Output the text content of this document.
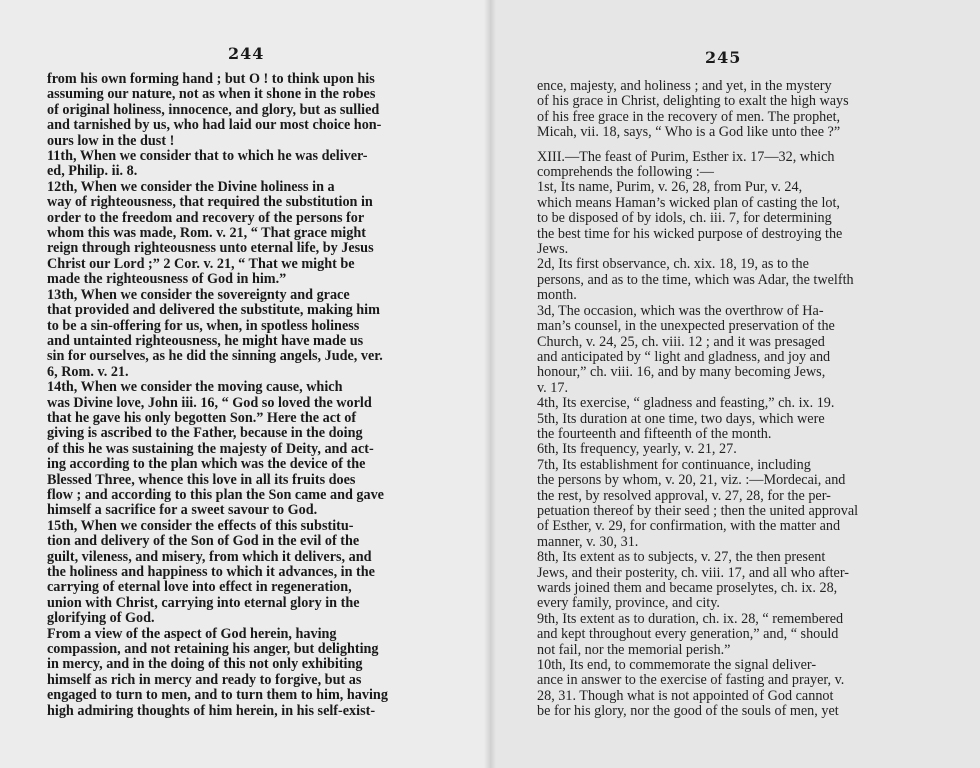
244
from his own forming hand ; but O ! to think upon his
assuming our nature, not as when it shone in the robes
of original holiness, innocence, and glory, but as sullied
and tarnished by us, who had laid our most choice hon-
ours low in the dust !
11th, When we consider that to which he was deliver-
ed, Philip. ii. 8.
12th, When we consider the Divine holiness in a
way of righteousness, that required the substitution in
order to the freedom and recovery of the persons for
whom this was made, Rom. v. 21, “ That grace might
reign through righteousness unto eternal life, by Jesus
Christ our Lord ;” 2 Cor. v. 21, “ That we might be
made the righteousness of God in him.”
13th, When we consider the sovereignty and grace
that provided and delivered the substitute, making him
to be a sin-offering for us, when, in spotless holiness
and untainted righteousness, he might have made us
sin for ourselves, as he did the sinning angels, Jude, ver.
6, Rom. v. 21.
14th, When we consider the moving cause, which
was Divine love, John iii. 16, “ God so loved the world
that he gave his only begotten Son.” Here the act of
giving is ascribed to the Father, because in the doing
of this he was sustaining the majesty of Deity, and act-
ing according to the plan which was the device of the
Blessed Three, whence this love in all its fruits does
flow ; and according to this plan the Son came and gave
himself a sacrifice for a sweet savour to God.
15th, When we consider the effects of this substitu-
tion and delivery of the Son of God in the evil of the
guilt, vileness, and misery, from which it delivers, and
the holiness and happiness to which it advances, in the
carrying of eternal love into effect in regeneration,
union with Christ, carrying into eternal glory in the
glorifying of God.
From a view of the aspect of God herein, having
compassion, and not retaining his anger, but delighting
in mercy, and in the doing of this not only exhibiting
himself as rich in mercy and ready to forgive, but as
engaged to turn to men, and to turn them to him, having
high admiring thoughts of him herein, in his self-exist-
245
ence, majesty, and holiness ; and yet, in the mystery
of his grace in Christ, delighting to exalt the high ways
of his free grace in the recovery of men. The prophet,
Micah, vii. 18, says, “ Who is a God like unto thee ?”
XIII.—The feast of Purim, Esther ix. 17—32, which
comprehends the following :—
1st, Its name, Purim, v. 26, 28, from Pur, v. 24,
which means Haman’s wicked plan of casting the lot,
to be disposed of by idols, ch. iii. 7, for determining
the best time for his wicked purpose of destroying the
Jews.
2d, Its first observance, ch. xix. 18, 19, as to the
persons, and as to the time, which was Adar, the twelfth
month.
3d, The occasion, which was the overthrow of Ha-
man’s counsel, in the unexpected preservation of the
Church, v. 24, 25, ch. viii. 12 ; and it was presaged
and anticipated by “ light and gladness, and joy and
honour,” ch. viii. 16, and by many becoming Jews,
v. 17.
4th, Its exercise, “ gladness and feasting,” ch. ix. 19.
5th, Its duration at one time, two days, which were
the fourteenth and fifteenth of the month.
6th, Its frequency, yearly, v. 21, 27.
7th, Its establishment for continuance, including
the persons by whom, v. 20, 21, viz. :—Mordecai, and
the rest, by resolved approval, v. 27, 28, for the per-
petuation thereof by their seed ; then the united approval
of Esther, v. 29, for confirmation, with the matter and
manner, v. 30, 31.
8th, Its extent as to subjects, v. 27, the then present
Jews, and their posterity, ch. viii. 17, and all who after-
wards joined them and became proselytes, ch. ix. 28,
every family, province, and city.
9th, Its extent as to duration, ch. ix. 28, “ remembered
and kept throughout every generation,” and, “ should
not fail, nor the memorial perish.”
10th, Its end, to commemorate the signal deliver-
ance in answer to the exercise of fasting and prayer, v.
28, 31. Though what is not appointed of God cannot
be for his glory, nor the good of the souls of men, yet
